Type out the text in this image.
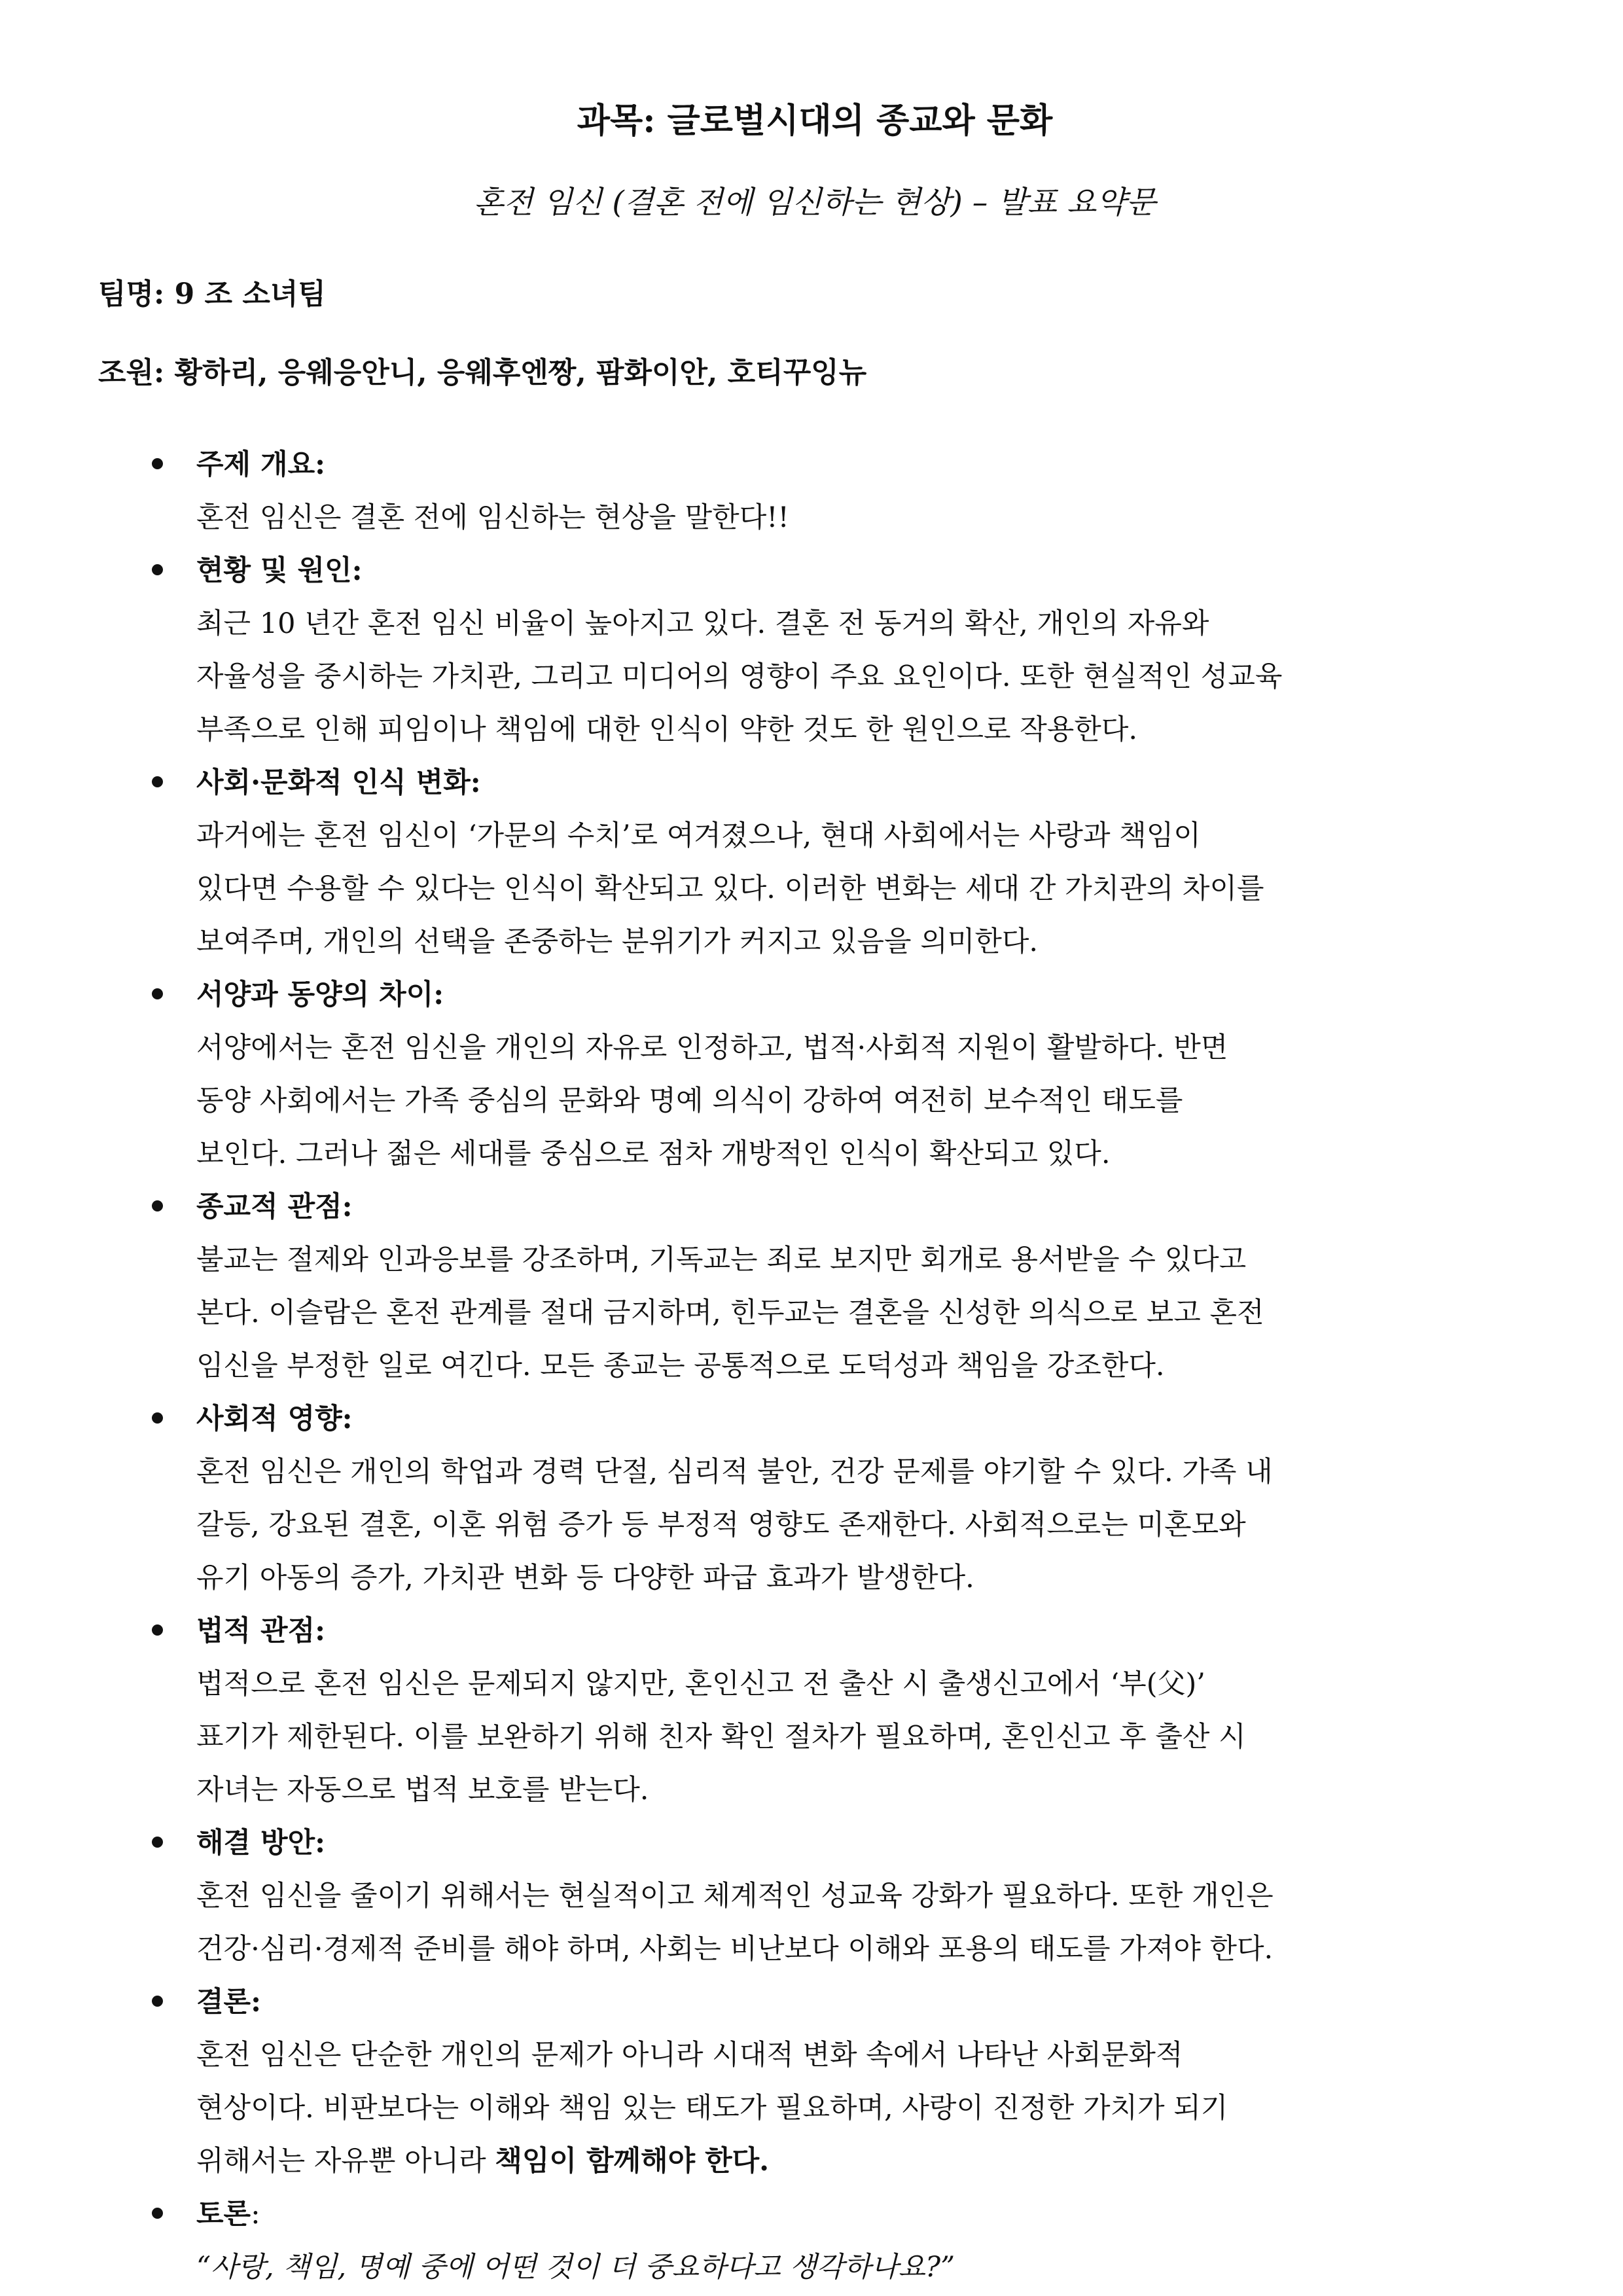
과목: 글로벌시대의 종교와 문화

혼전 임신 (결혼 전에 임신하는 현상) – 발표 요약문

팀명: 9 조 소녀팀

조원: 황하리, 응웨응안니, 응웨후엔짱, 팜화이안, 호티꾸잉뉴

주제 개요:

혼전 임신은 결혼 전에 임신하는 현상을 말한다!!

현황 및 원인:

최근 10 년간 혼전 임신 비율이 높아지고 있다. 결혼 전 동거의 확산, 개인의 자유와
자율성을 중시하는 가치관, 그리고 미디어의 영향이 주요 요인이다. 또한 현실적인 성교육
부족으로 인해 피임이나 책임에 대한 인식이 약한 것도 한 원인으로 작용한다.

사회·문화적 인식 변화:

과거에는 혼전 임신이 ‘가문의 수치’로 여겨졌으나, 현대 사회에서는 사랑과 책임이
있다면 수용할 수 있다는 인식이 확산되고 있다. 이러한 변화는 세대 간 가치관의 차이를
보여주며, 개인의 선택을 존중하는 분위기가 커지고 있음을 의미한다.

서양과 동양의 차이:

서양에서는 혼전 임신을 개인의 자유로 인정하고, 법적·사회적 지원이 활발하다. 반면
동양 사회에서는 가족 중심의 문화와 명예 의식이 강하여 여전히 보수적인 태도를
보인다. 그러나 젊은 세대를 중심으로 점차 개방적인 인식이 확산되고 있다.

종교적 관점:

불교는 절제와 인과응보를 강조하며, 기독교는 죄로 보지만 회개로 용서받을 수 있다고
본다. 이슬람은 혼전 관계를 절대 금지하며, 힌두교는 결혼을 신성한 의식으로 보고 혼전
임신을 부정한 일로 여긴다. 모든 종교는 공통적으로 도덕성과 책임을 강조한다.

사회적 영향:

혼전 임신은 개인의 학업과 경력 단절, 심리적 불안, 건강 문제를 야기할 수 있다. 가족 내
갈등, 강요된 결혼, 이혼 위험 증가 등 부정적 영향도 존재한다. 사회적으로는 미혼모와
유기 아동의 증가, 가치관 변화 등 다양한 파급 효과가 발생한다.

법적 관점:

법적으로 혼전 임신은 문제되지 않지만, 혼인신고 전 출산 시 출생신고에서 ‘부(父)’
표기가 제한된다. 이를 보완하기 위해 친자 확인 절차가 필요하며, 혼인신고 후 출산 시
자녀는 자동으로 법적 보호를 받는다.

해결 방안:

혼전 임신을 줄이기 위해서는 현실적이고 체계적인 성교육 강화가 필요하다. 또한 개인은
건강·심리·경제적 준비를 해야 하며, 사회는 비난보다 이해와 포용의 태도를 가져야 한다.

결론:

혼전 임신은 단순한 개인의 문제가 아니라 시대적 변화 속에서 나타난 사회문화적
현상이다. 비판보다는 이해와 책임 있는 태도가 필요하며, 사랑이 진정한 가치가 되기
위해서는 자유뿐 아니라 책임이 함께해야 한다.

토론:

“사랑, 책임, 명예 중에 어떤 것이 더 중요하다고 생각하나요?”
